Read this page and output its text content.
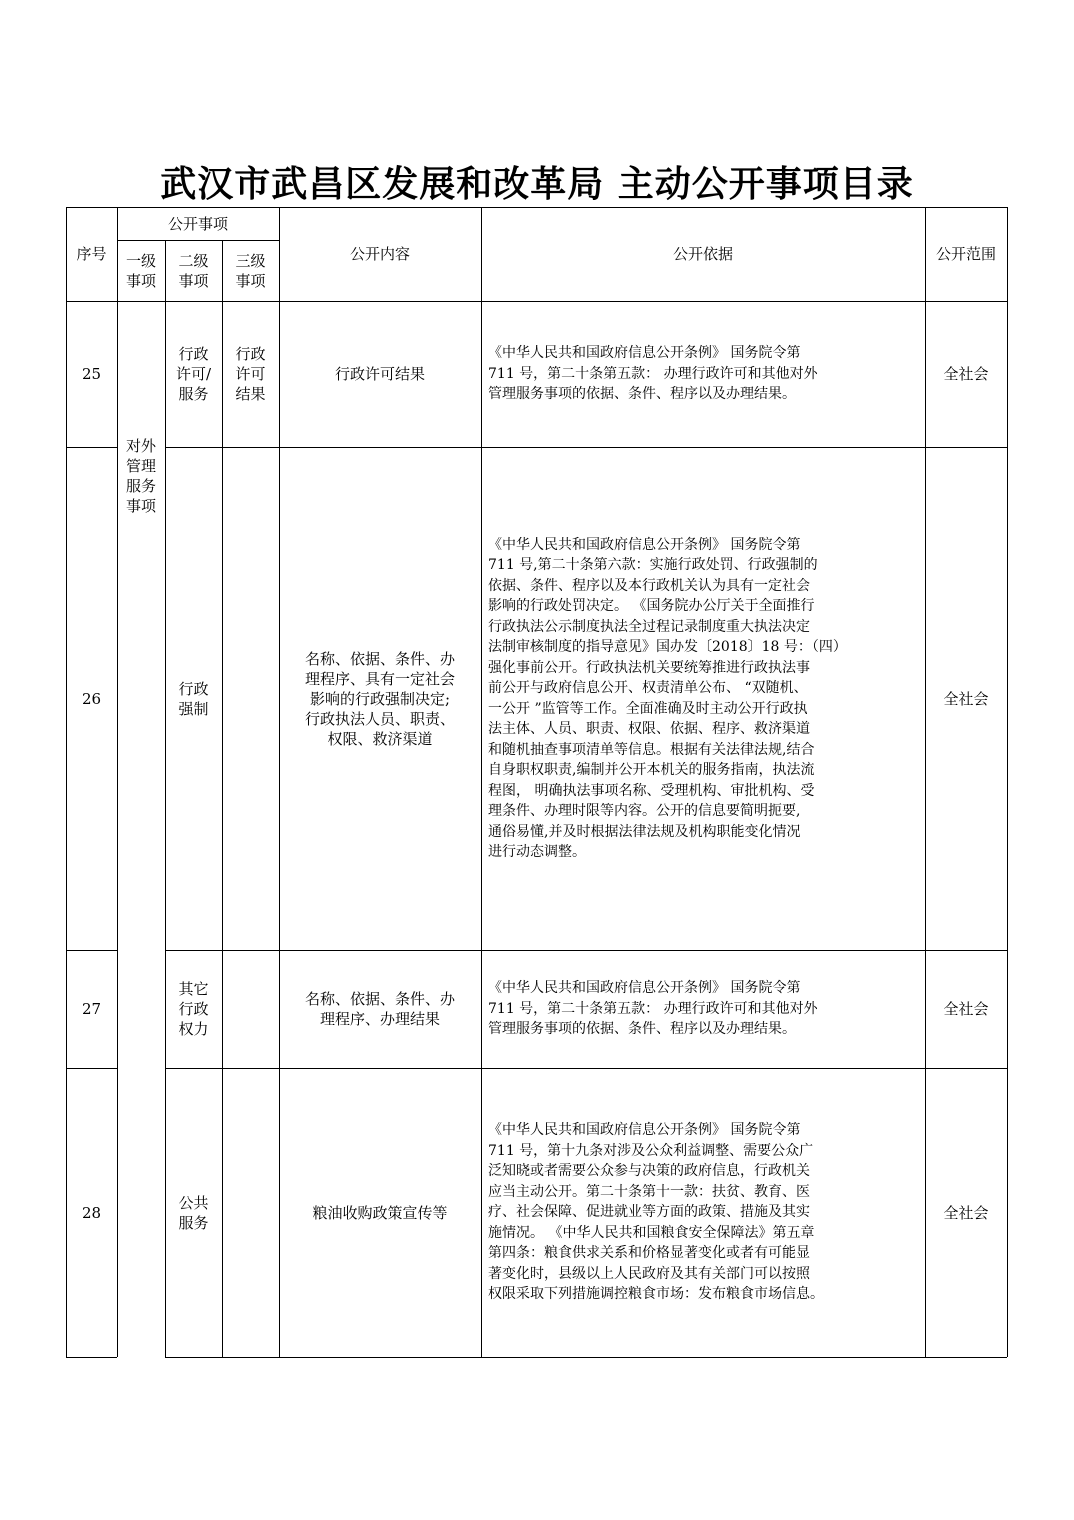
武汉市武昌区发展和改革局 主动公开事项目录
序号
公开事项
一级
事项
二级
事项
三级
事项
公开内容	公开依据	公开范围
对外
管理
服务
事项
25
行政
许可/
服务
行政
许可
结果
行政许可结果
《中华人民共和国政府信息公开条例》 国务院令第
711 号，第二十条第五款： 办理行政许可和其他对外
管理服务事项的依据、条件、程序以及办理结果。
全社会
26
行政
强制
名称、依据、条件、办
理程序、具有一定社会
影响的行政强制决定;
行政执法人员、职责、
权限、救济渠道
《中华人民共和国政府信息公开条例》 国务院令第
711 号,第二十条第六款：实施行政处罚、行政强制的
依据、条件、程序以及本行政机关认为具有一定社会
影响的行政处罚决定。 《国务院办公厅关于全面推行
行政执法公示制度执法全过程记录制度重大执法决定
法制审核制度的指导意见》国办发〔2018〕18 号：（四）
强化事前公开。行政执法机关要统筹推进行政执法事
前公开与政府信息公开、权责清单公布、 “双随机、
一公开 ”监管等工作。全面准确及时主动公开行政执
法主体、人员、职责、权限、依据、程序、救济渠道
和随机抽查事项清单等信息。根据有关法律法规,结合
自身职权职责,编制并公开本机关的服务指南，执法流
程图， 明确执法事项名称、受理机构、审批机构、受
理条件、办理时限等内容。公开的信息要简明扼要,
通俗易懂,并及时根据法律法规及机构职能变化情况
进行动态调整。
全社会
27
其它
行政
权力
名称、依据、条件、办
理程序、办理结果
《中华人民共和国政府信息公开条例》 国务院令第
711 号，第二十条第五款： 办理行政许可和其他对外
管理服务事项的依据、条件、程序以及办理结果。
全社会
28
公共
服务
粮油收购政策宣传等
《中华人民共和国政府信息公开条例》 国务院令第
711 号，第十九条对涉及公众利益调整、需要公众广
泛知晓或者需要公众参与决策的政府信息，行政机关
应当主动公开。第二十条第十一款：扶贫、教育、医
疗、社会保障、促进就业等方面的政策、措施及其实
施情况。 《中华人民共和国粮食安全保障法》第五章
第四条：粮食供求关系和价格显著变化或者有可能显
著变化时，县级以上人民政府及其有关部门可以按照
权限采取下列措施调控粮食市场：发布粮食市场信息。
全社会
